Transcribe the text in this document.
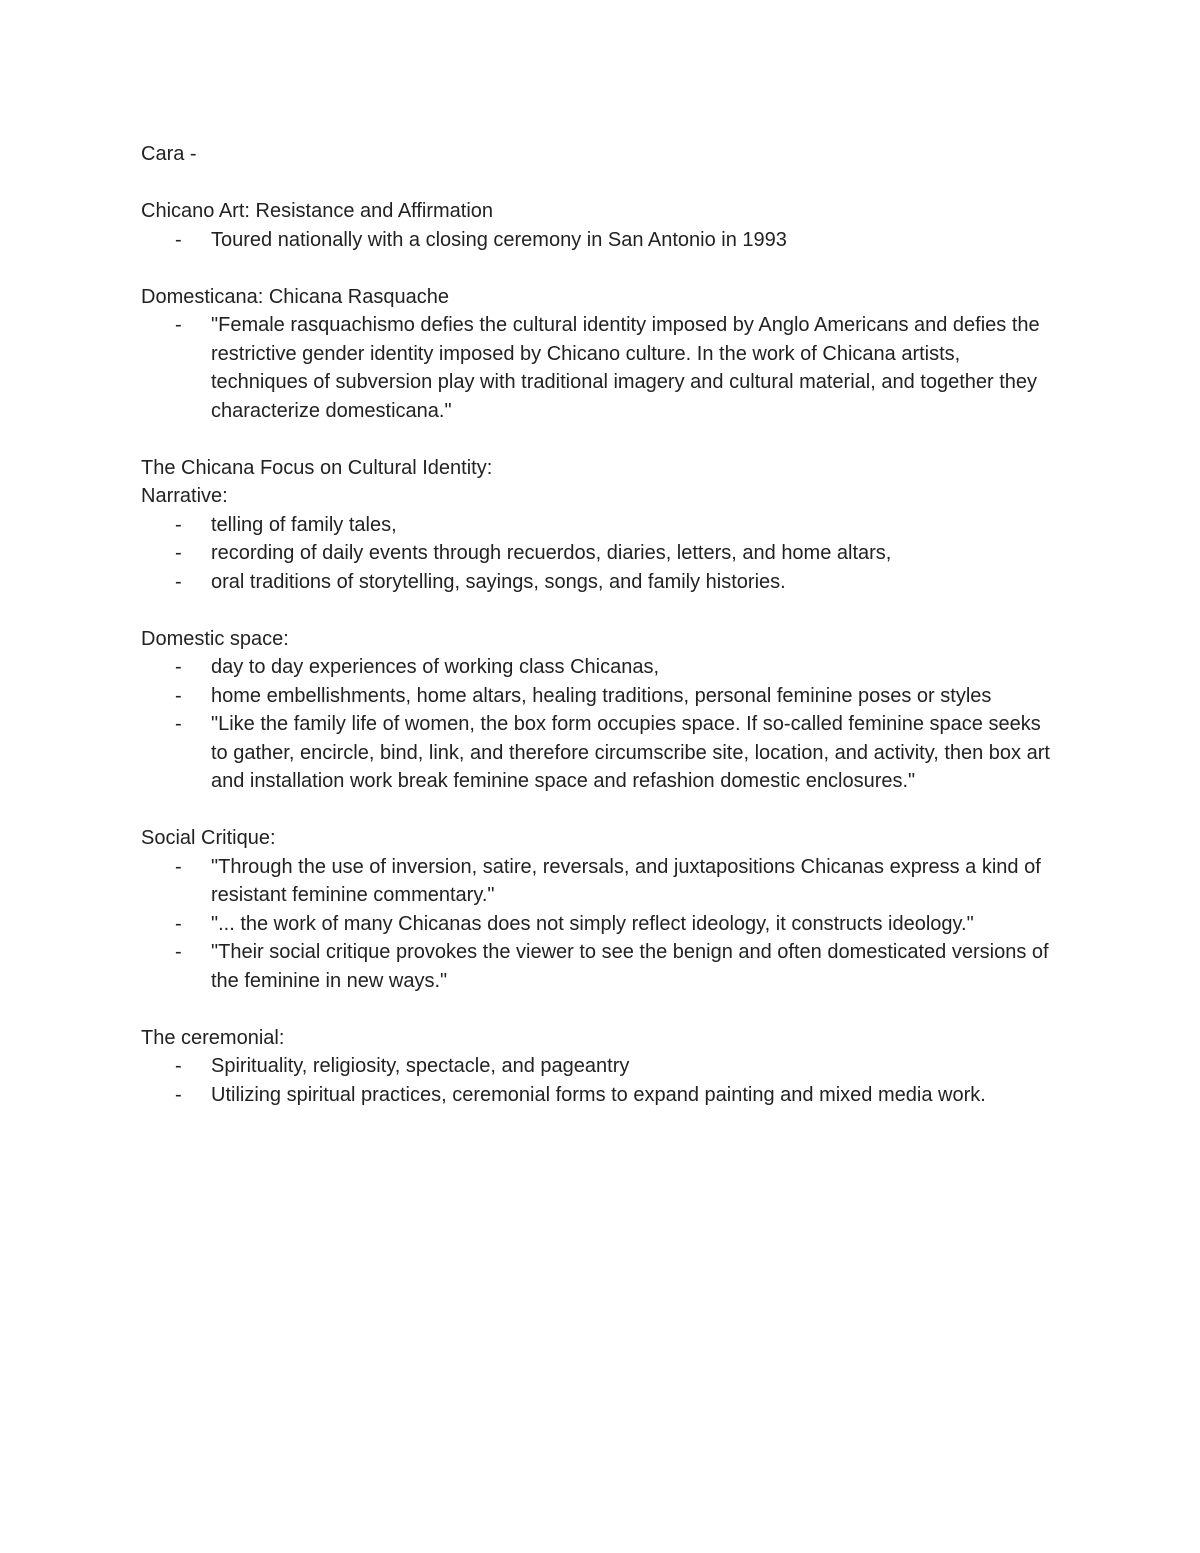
Cara -

Chicano Art: Resistance and Affirmation

- Toured nationally with a closing ceremony in San Antonio in 1993

Domesticana: Chicana Rasquache

- "Female rasquachismo defies the cultural identity imposed by Anglo Americans and defies the restrictive gender identity imposed by Chicano culture. In the work of Chicana artists, techniques of subversion play with traditional imagery and cultural material, and together they characterize domesticana."

The Chicana Focus on Cultural Identity:

Narrative:

- telling of family tales,
- recording of daily events through recuerdos, diaries, letters, and home altars,
- oral traditions of storytelling, sayings, songs, and family histories.

Domestic space:

- day to day experiences of working class Chicanas,
- home embellishments, home altars, healing traditions, personal feminine poses or styles
- "Like the family life of women, the box form occupies space. If so-called feminine space seeks to gather, encircle, bind, link, and therefore circumscribe site, location, and activity, then box art and installation work break feminine space and refashion domestic enclosures."

Social Critique:

- "Through the use of inversion, satire, reversals, and juxtapositions Chicanas express a kind of resistant feminine commentary."
- "... the work of many Chicanas does not simply reflect ideology, it constructs ideology."
- "Their social critique provokes the viewer to see the benign and often domesticated versions of the feminine in new ways."

The ceremonial:

- Spirituality, religiosity, spectacle, and pageantry
- Utilizing spiritual practices, ceremonial forms to expand painting and mixed media work.
